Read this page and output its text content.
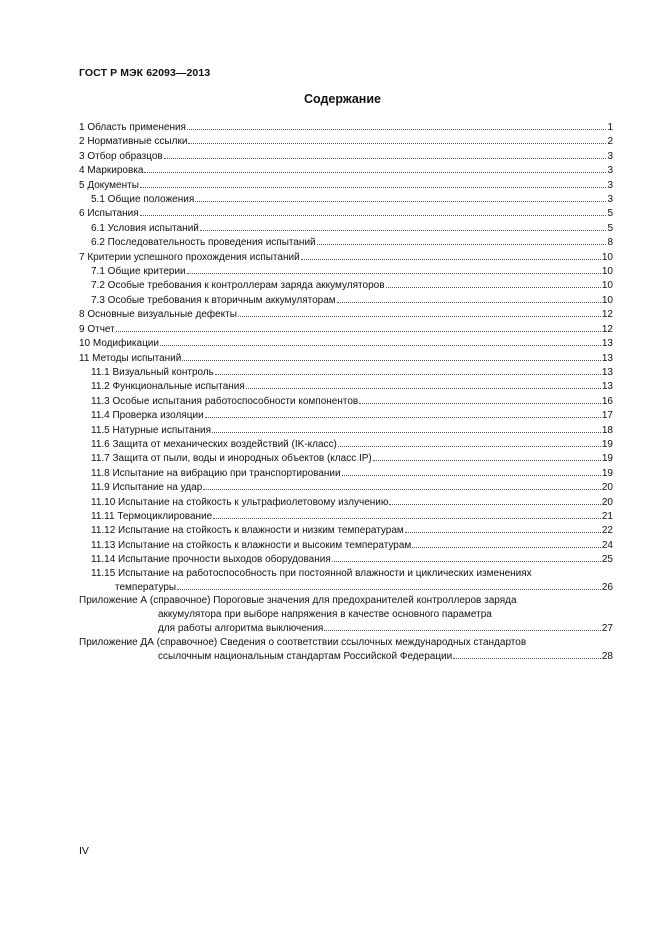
ГОСТ Р МЭК 62093—2013
Содержание
1 Область применения	1
2 Нормативные ссылки	2
3 Отбор образцов	3
4 Маркировка	3
5 Документы	3
5.1 Общие положения	3
6 Испытания	5
6.1 Условия испытаний	5
6.2 Последовательность проведения испытаний	8
7 Критерии успешного прохождения испытаний	10
7.1 Общие критерии	10
7.2 Особые требования к контроллерам заряда аккумуляторов	10
7.3 Особые требования к вторичным аккумуляторам	10
8 Основные визуальные дефекты	12
9 Отчет	12
10 Модификации	13
11 Методы испытаний	13
11.1 Визуальный контроль	13
11.2 Функциональные испытания	13
11.3 Особые испытания работоспособности компонентов	16
11.4 Проверка изоляции	17
11.5 Натурные испытания	18
11.6 Защита от механических воздействий (IK-класс)	19
11.7 Защита от пыли, воды и инородных объектов (класс IP)	19
11.8 Испытание на вибрацию при транспортировании	19
11.9 Испытание на удар	20
11.10 Испытание на стойкость к ультрафиолетовому излучению	20
11.11 Термоциклирование	21
11.12 Испытание на стойкость к влажности и низким температурам	22
11.13 Испытание на стойкость к влажности и высоким температурам	24
11.14 Испытание прочности выходов оборудования	25
11.15 Испытание на работоспособность при постоянной влажности и циклических изменениях
температуры	26
Приложение А (справочное) Пороговые значения для предохранителей контроллеров заряда
аккумулятора при выборе напряжения в качестве основного параметра
для работы алгоритма выключения	27
Приложение ДА (справочное) Сведения о соответствии ссылочных международных стандартов
ссылочным национальным стандартам Российской Федерации	28
IV
